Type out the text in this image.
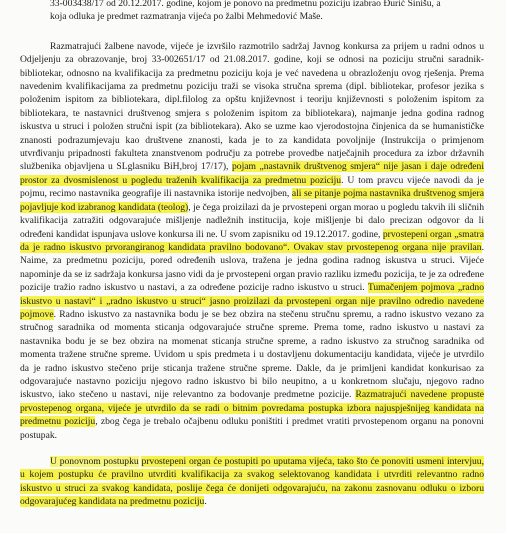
33-003438/17 od 20.12.2017. godine, kojom je ponovo na predmetnu poziciju izabrao Đurić Sinišu, a
koja odluka je predmet razmatranja vijeća po žalbi Mehmedović Maše.

Razmatrajući žalbene navode, vijeće je izvršilo razmotrilo sadržaj Javnog konkursa za prijem u radni odnos u Odjeljenju za obrazovanje, broj 33-002651/17 od 21.08.2017. godine, koji se odnosi na poziciju stručni saradnik-bibliotekar, odnosno na kvalifikacija za predmetnu poziciju koja je već navedena u obrazloženju ovog rješenja. Prema navedenim kvalifikacijama za predmetnu poziciju traži se visoka stručna sprema (dipl. bibliotekar, profesor jezika s položenim ispitom za bibliotekara, dipl.filolog za opštu književnost i teoriju književnosti s položenim ispitom za bibliotekara, te nastavnici društvenog smjera s položenim ispitom za bibliotekara), najmanje jedna godina radnog iskustva u struci i položen stručni ispit (za bibliotekara). Ako se uzme kao vjerodostojna činjenica da se humanističke znanosti podrazumjevaju kao društvene znanosti, kada je to za kandidata povoljnije (Instrukcija o primjenom utvrđivanju pripadnosti fakulteta znanstvenom području za potrebe provedbe natječajnih procedura za izbor državnih službenika objavljena u SLglasniku BiH,broj 17/17), pojam „nastavnik društvenog smjera“ nije jasan i daje određeni prostor za dvosmislenost u pogledu traženih kvalifikacija za predmetnu poziciju. U tom pravcu vijeće navodi da je pojmu, recimo nastavnika geografije ili nastavnika istorije nedvojben, ali se pitanje pojma nastavnika društvenog smjera pojavljuje kod izabranog kandidata (teolog), je čega proizilazi da je prvostepeni organ morao u pogledu takvih ili sličnih kvalifikacija zatražiti odgovarajuće mišljenje nadležnih institucija, koje mišljenje bi dalo precizan odgovor da li određeni kandidat ispunjava uslove konkursa ili ne. U svom zapisniku od 19.12.2017. godine, prvostepeni organ „smatra da je radno iskustvo prvorangiranog kandidata pravilno bodovano“. Ovakav stav prvostepenog organa nije pravilan. Naime, za predmetnu poziciju, pored određenih uslova, tražena je jedna godina radnog iskustva u struci. Vijeće napominje da se iz sadržaja konkursa jasno vidi da je prvostepeni organ pravio razliku između pozicija, te je za određene pozicije tražio radno iskustvo u nastavi, a za određene pozicije radno iskustvo u struci. Tumačenjem pojmova „radno iskustvo u nastavi“ i „radno iskustvo u struci“ jasno proizilazi da prvostepeni organ nije pravilno odredio navedene pojmove. Radno iskustvo za nastavnika bodu je se bez obzira na stečenu stručnu spremu, a radno iskustvo vezano za stručnog saradnika od momenta sticanja odgovarajuće stručne spreme. Prema tome, radno iskustvo u nastavi za nastavnika bodu je se bez obzira na momenat sticanja stručne spreme, a radno iskustvo za stručnog saradnika od momenta tražene stručne spreme. Uvidom u spis predmeta i u dostavljenu dokumentaciju kandidata, vijeće je utvrdilo da je radno iskustvo stečeno prije sticanja tražene stručne spreme. Dakle, da je primljeni kandidat konkurisao za odgovarajuće nastavno poziciju njegovo radno iskustvo bi bilo neupitno, a u konkretnom slučaju, njegovo radno iskustvo, iako stečeno u nastavi, nije relevantno za bodovanje predmetne pozicije. Razmatrajući navedene propuste prvostepenog organa, vijeće je utvrdilo da se radi o bitnim povredama postupka izbora najuspješnijeg kandidata na predmetnu poziciju, zbog čega je trebalo očajbenu odluku poništiti i predmet vratiti prvostepenom organu na ponovni postupak.

U ponovnom postupku prvostepeni organ će postupiti po uputama vijeća, tako što će ponoviti usmeni intervjuu, u kojem postupku će pravilno utvrditi kvalifikacija za svakog selektovanog kandidata i utvrditi relevantno radno iskustvo u struci za svakog kandidata, poslije čega će donijeti odgovarajuću, na zakonu zasnovanu odluku o izboru odgovarajućeg kandidata na predmetnu poziciju.
